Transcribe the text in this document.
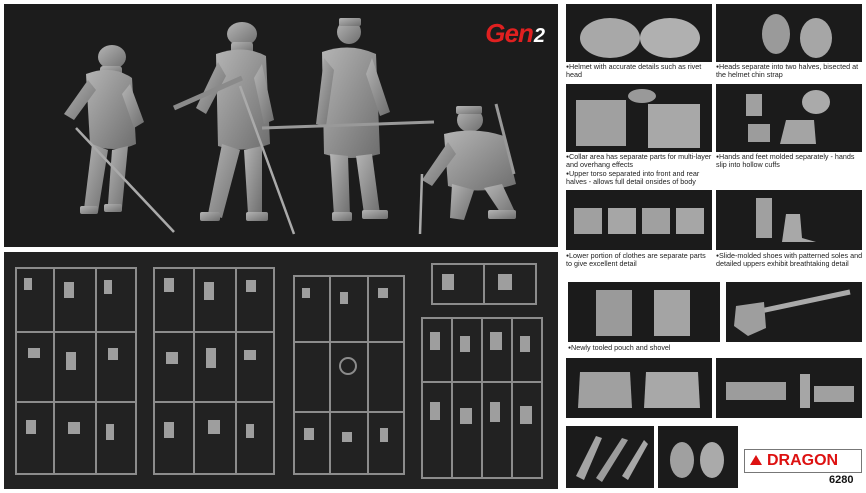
Gen2
● Helmet with accurate details such as rivet head
● Heads separate into two halves, bisected at the helmet chin strap
● Collar area has separate parts for multi-layer and overhang effects
● Upper torso separated into front and rear halves - allows full detail onsides of body
● Hands and feet molded separately - hands slip into hollow cuffs
● Lower portion of clothes are separate parts to give excellent detail
● Slide-molded shoes with patterned soles and detailed uppers exhibit breathtaking detail
● Newly tooled pouch and shovel
DRAGON
6280
